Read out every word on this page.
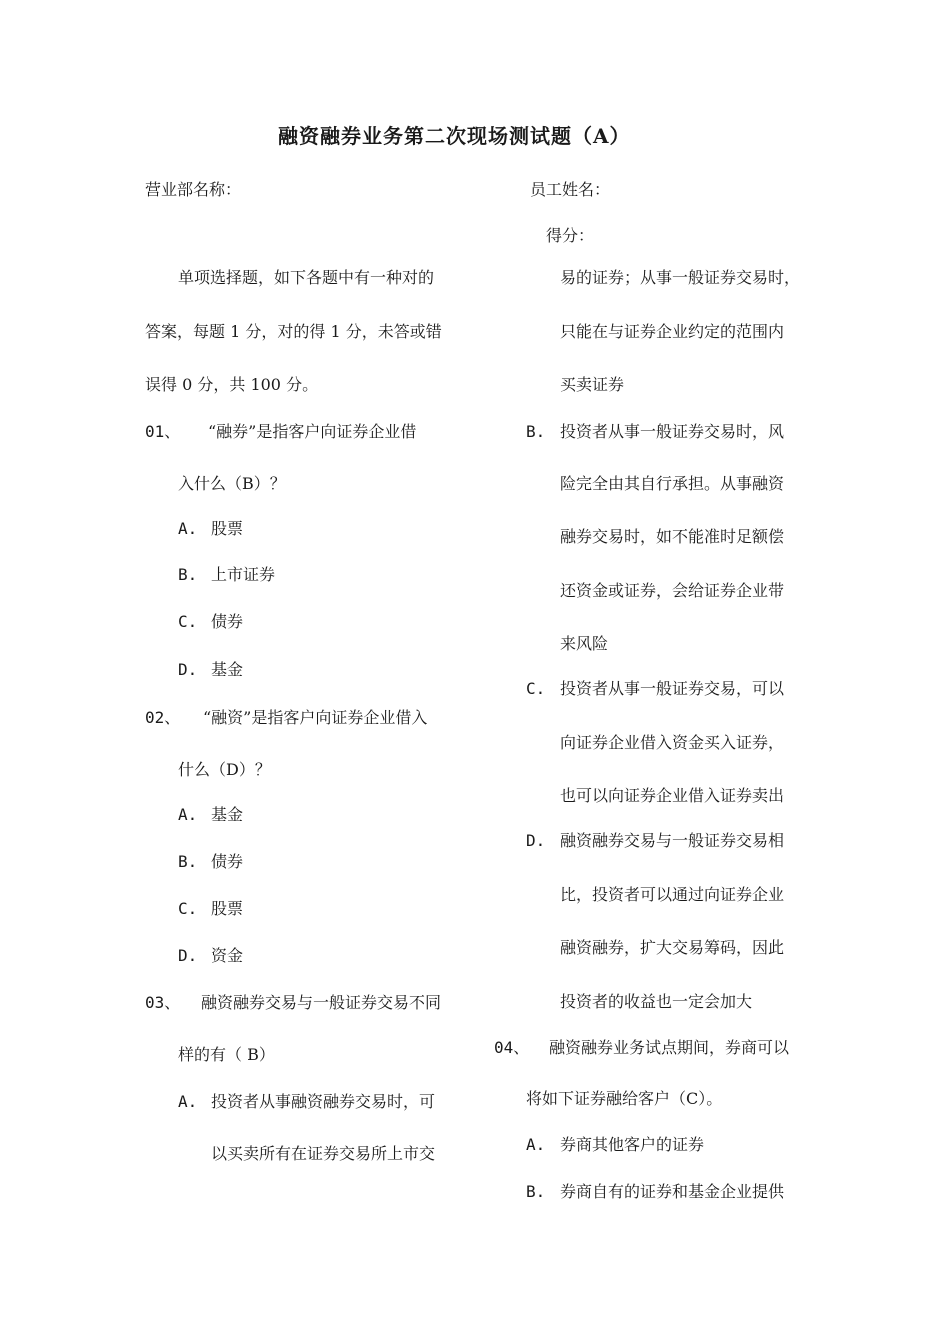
融资融券业务第二次现场测试题（A）
营业部名称：	员工姓名：
得分：
单项选择题，如下各题中有一种对的
答案，每题 1 分，对的得 1 分，未答或错
误得 0 分，共 100 分。
01、 “融券”是指客户向证券企业借
入什么（B）？
A. 股票
B. 上市证券
C. 债券
D. 基金
02、 “融资”是指客户向证券企业借入
什么（D）？
A. 基金
B. 债券
C. 股票
D. 资金
03、 融资融券交易与一般证券交易不同
样的有（ B）
A. 投资者从事融资融券交易时，可
以买卖所有在证券交易所上市交
易的证券；从事一般证券交易时，
只能在与证券企业约定的范围内
买卖证券
B. 投资者从事一般证券交易时，风
险完全由其自行承担。从事融资
融券交易时，如不能准时足额偿
还资金或证券，会给证券企业带
来风险
C. 投资者从事一般证券交易，可以
向证券企业借入资金买入证券，
也可以向证券企业借入证券卖出
D. 融资融券交易与一般证券交易相
比，投资者可以通过向证券企业
融资融券，扩大交易筹码，因此
投资者的收益也一定会加大
04、 融资融券业务试点期间，券商可以
将如下证券融给客户（C）。
A. 券商其他客户的证券
B. 券商自有的证券和基金企业提供
